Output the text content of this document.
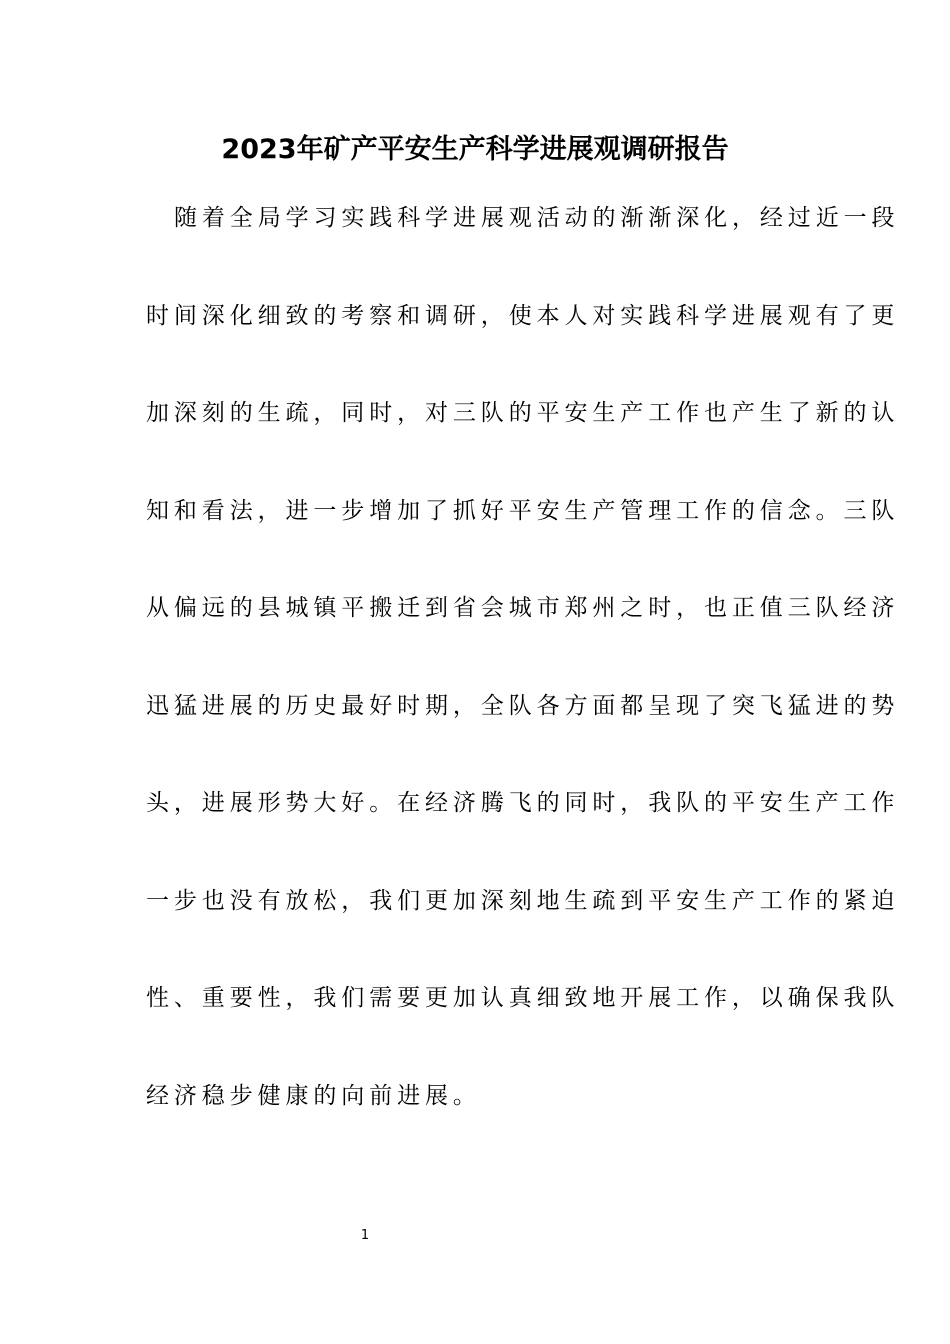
2023年矿产平安生产科学进展观调研报告
随着全局学习实践科学进展观活动的渐渐深化，经过近一段
时间深化细致的考察和调研，使本人对实践科学进展观有了更
加深刻的生疏，同时，对三队的平安生产工作也产生了新的认
知和看法，进一步增加了抓好平安生产管理工作的信念。三队
从偏远的县城镇平搬迁到省会城市郑州之时，也正值三队经济
迅猛进展的历史最好时期，全队各方面都呈现了突飞猛进的势
头，进展形势大好。在经济腾飞的同时，我队的平安生产工作
一步也没有放松，我们更加深刻地生疏到平安生产工作的紧迫
性、重要性，我们需要更加认真细致地开展工作，以确保我队
经济稳步健康的向前进展。
1
